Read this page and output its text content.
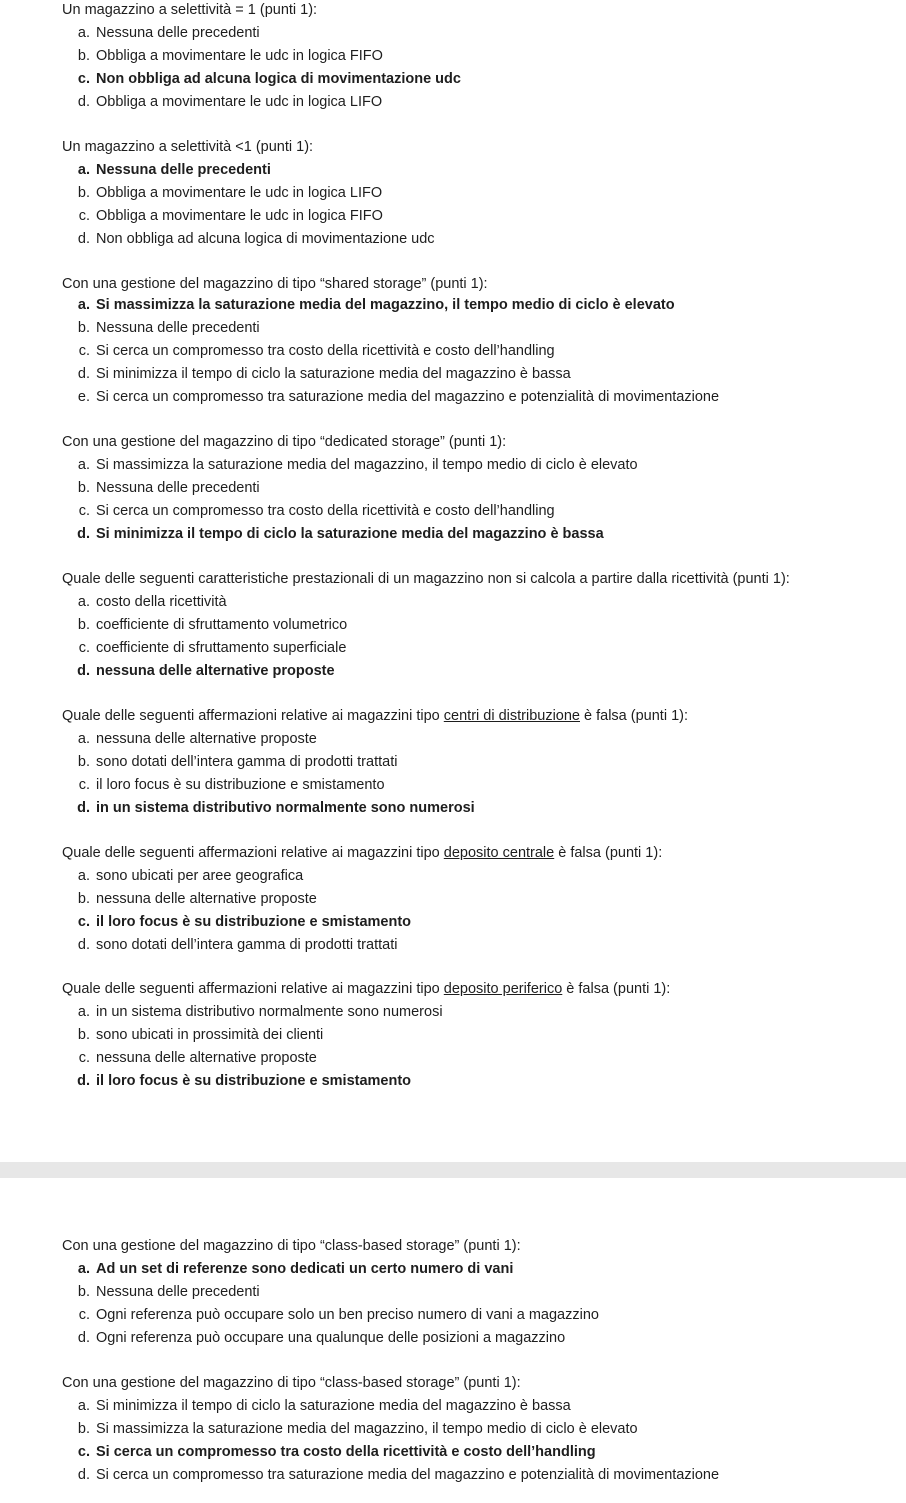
Un magazzino a selettività = 1 (punti 1):
a. Nessuna delle precedenti
b. Obbliga a movimentare le udc in logica FIFO
c. Non obbliga ad alcuna logica di movimentazione udc
d. Obbliga a movimentare le udc in logica LIFO
Un magazzino a selettività <1 (punti 1):
a. Nessuna delle precedenti
b. Obbliga a movimentare le udc in logica LIFO
c. Obbliga a movimentare le udc in logica FIFO
d. Non obbliga ad alcuna logica di movimentazione udc
Con una gestione del magazzino di tipo “shared storage” (punti 1):
a. Si massimizza la saturazione media del magazzino, il tempo medio di ciclo è elevato
b. Nessuna delle precedenti
c. Si cerca un compromesso tra costo della ricettività e costo dell’handling
d. Si minimizza il tempo di ciclo la saturazione media del magazzino è bassa
e. Si cerca un compromesso tra saturazione media del magazzino e potenzialità di movimentazione
Con una gestione del magazzino di tipo “dedicated storage” (punti 1):
a. Si massimizza la saturazione media del magazzino, il tempo medio di ciclo è elevato
b. Nessuna delle precedenti
c. Si cerca un compromesso tra costo della ricettività e costo dell’handling
d. Si minimizza il tempo di ciclo la saturazione media del magazzino è bassa
Quale delle seguenti caratteristiche prestazionali di un magazzino non si calcola a partire dalla ricettività (punti 1):
a. costo della ricettività
b. coefficiente di sfruttamento volumetrico
c. coefficiente di sfruttamento superficiale
d. nessuna delle alternative proposte
Quale delle seguenti affermazioni relative ai magazzini tipo centri di distribuzione è falsa (punti 1):
a. nessuna delle alternative proposte
b. sono dotati dell’intera gamma di prodotti trattati
c. il loro focus è su distribuzione e smistamento
d. in un sistema distributivo normalmente sono numerosi
Quale delle seguenti affermazioni relative ai magazzini tipo deposito centrale è falsa (punti 1):
a. sono ubicati per aree geografica
b. nessuna delle alternative proposte
c. il loro focus è su distribuzione e smistamento
d. sono dotati dell’intera gamma di prodotti trattati
Quale delle seguenti affermazioni relative ai magazzini tipo deposito periferico è falsa (punti 1):
a. in un sistema distributivo normalmente sono numerosi
b. sono ubicati in prossimità dei clienti
c. nessuna delle alternative proposte
d. il loro focus è su distribuzione e smistamento
Con una gestione del magazzino di tipo “class-based storage” (punti 1):
a. Ad un set di referenze sono dedicati un certo numero di vani
b. Nessuna delle precedenti
c. Ogni referenza può occupare solo un ben preciso numero di vani a magazzino
d. Ogni referenza può occupare una qualunque delle posizioni a magazzino
Con una gestione del magazzino di tipo “class-based storage” (punti 1):
a. Si minimizza il tempo di ciclo la saturazione media del magazzino è bassa
b. Si massimizza la saturazione media del magazzino, il tempo medio di ciclo è elevato
c. Si cerca un compromesso tra costo della ricettività e costo dell’handling
d. Si cerca un compromesso tra saturazione media del magazzino e potenzialità di movimentazione
